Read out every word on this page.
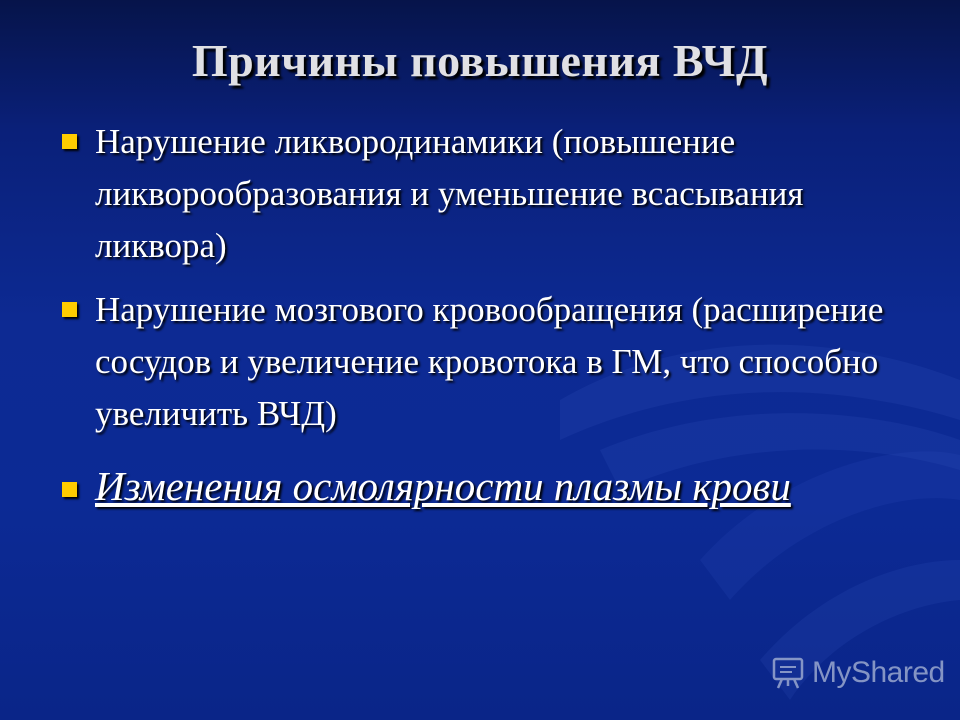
Причины повышения ВЧД
Нарушение ликвородинамики (повышение ликворообразования и уменьшение всасывания ликвора)
Нарушение мозгового кровообращения (расширение сосудов и увеличение кровотока в ГМ, что способно увеличить ВЧД)
Изменения осмолярности плазмы крови
MyShared
